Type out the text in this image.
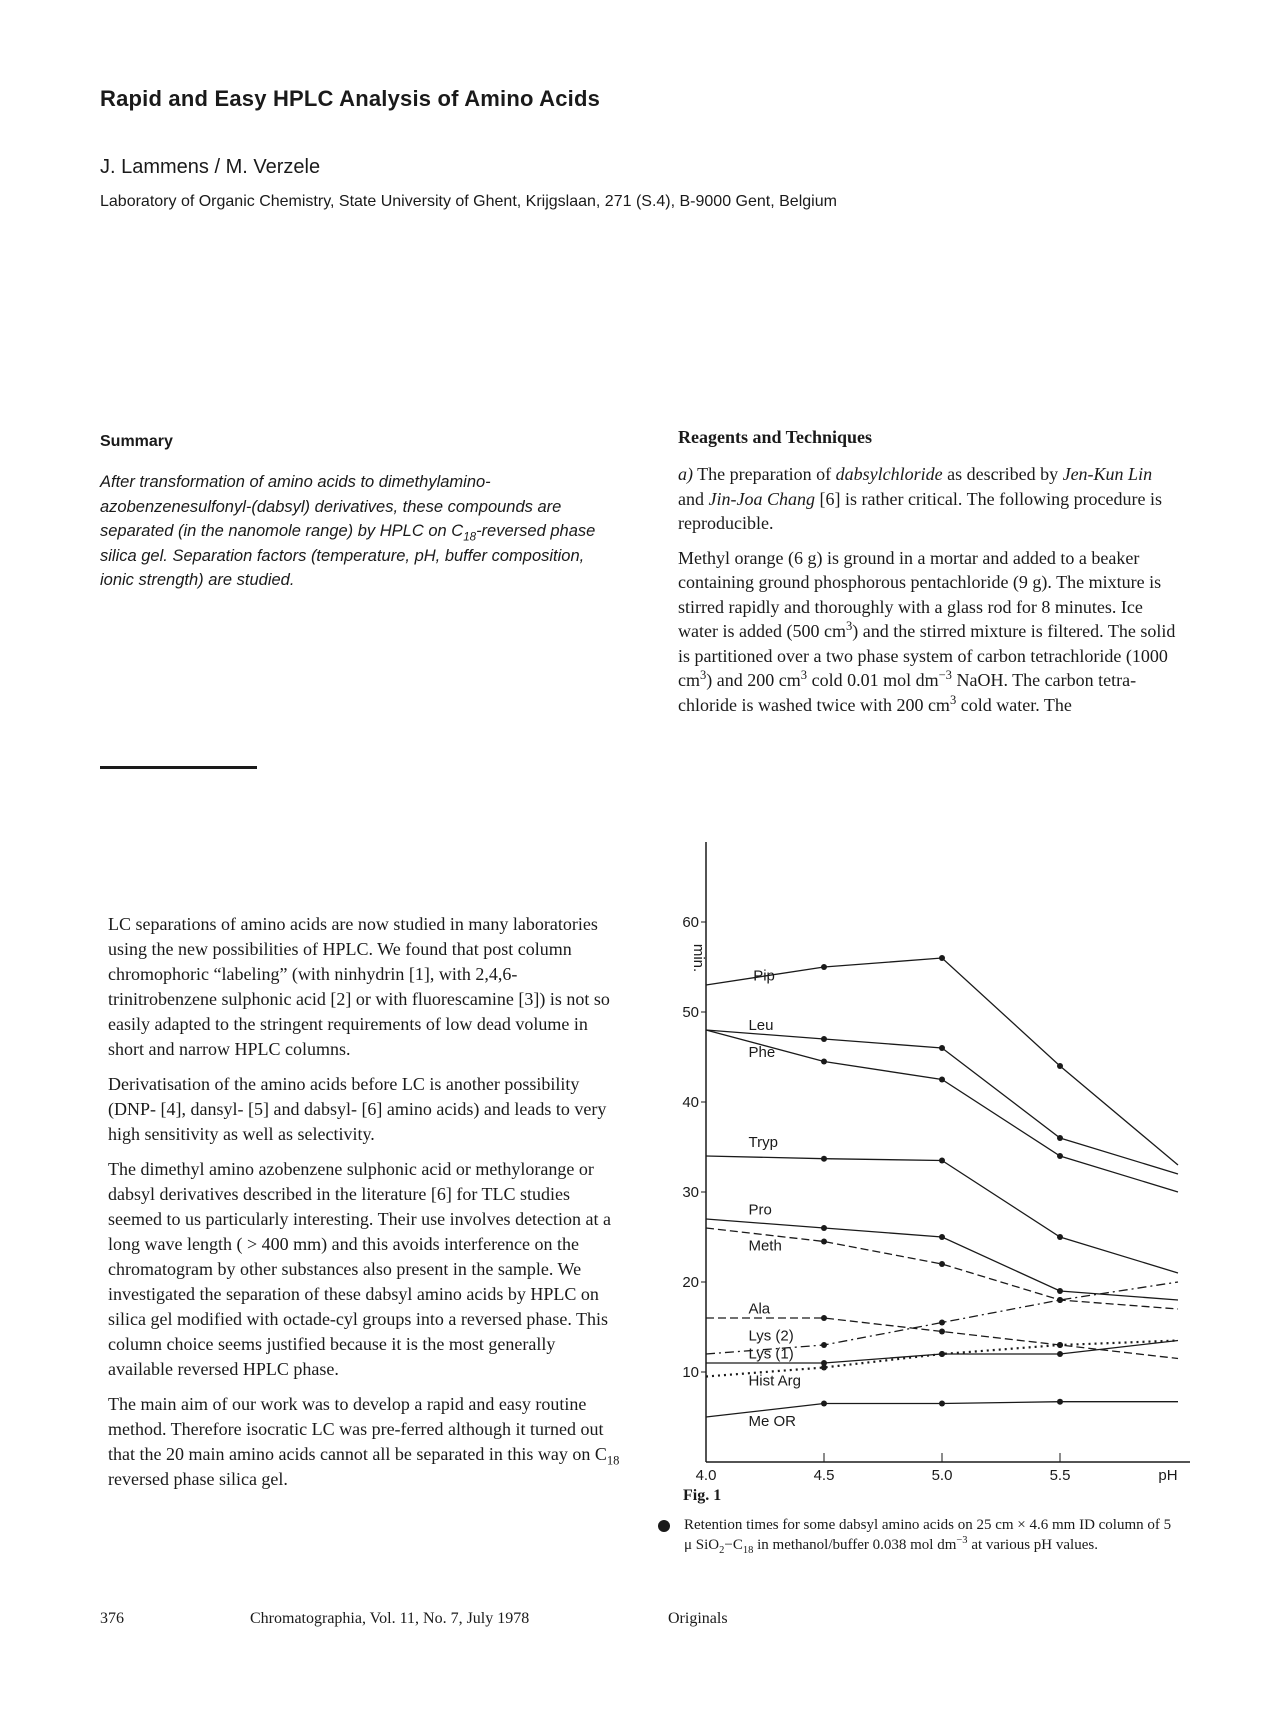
Rapid and Easy HPLC Analysis of Amino Acids
J. Lammens / M. Verzele
Laboratory of Organic Chemistry, State University of Ghent, Krijgslaan, 271 (S.4), B-9000 Gent, Belgium
Summary
After transformation of amino acids to dimethylamino-azobenzenesulfonyl-(dabsyl) derivatives, these compounds are separated (in the nanomole range) by HPLC on $C_{18}$-reversed phase silica gel. Separation factors (temperature, pH, buffer composition, ionic strength) are studied.
Reagents and Techniques

a) The preparation of dabsylchloride as described by Jen-Kun Lin and Jin-Joa Chang [6] is rather critical. The following procedure is reproducible.

Methyl orange (6 g) is ground in a mortar and added to a beaker containing ground phosphorous pentachloride (9 g). The mixture is stirred rapidly and thoroughly with a glass rod for 8 minutes. Ice water is added (500 $cm^3$) and the stirred mixture is filtered. The solid is partitioned over a two phase system of carbon tetrachloride (1000 $cm^3$) and 200 $cm^3$ cold 0.01 mol $dm^{-3}$ NaOH. The carbon tetra-chloride is washed twice with 200 $cm^3$ cold water. The

LC separations of amino acids are now studied in many laboratories using the new possibilities of HPLC. We found that post column chromophoric “labeling” (with ninhydrin [1], with 2,4,6-trinitrobenzene sulphonic acid [2] or with fluorescamine [3]) is not so easily adapted to the stringent requirements of low dead volume in short and narrow HPLC columns.

Derivatisation of the amino acids before LC is another possibility (DNP- [4], dansyl- [5] and dabsyl- [6] amino acids) and leads to very high sensitivity as well as selectivity.

The dimethyl amino azobenzene sulphonic acid or methylorange or dabsyl derivatives described in the literature [6] for TLC studies seemed to us particularly interesting. Their use involves detection at a long wave length ( > 400 mm) and this avoids interference on the chromatogram by other substances also present in the sample. We investigated the separation of these dabsyl amino acids by HPLC on silica gel modified with octade-cyl groups into a reversed phase. This column choice seems justified because it is the most generally available reversed HPLC phase.

The main aim of our work was to develop a rapid and easy routine method. Therefore isocratic LC was pre-ferred although it turned out that the 20 main amino acids cannot all be separated in this way on $C_{18}$ reversed phase silica gel.

10
20
30
40
50
60
4.0	4.5	5.0	5.5	pH
min.
Pip
Leu
Phe
Tryp
Pro
Meth
Ala
Lys (2)
Lys (1)
Hist Arg
Me OR
Fig. 1
Retention times for some dabsyl amino acids on 25 cm × 4.6 mm ID column of 5 μ $SiO_2-C_{18}$ in methanol/buffer 0.038 mol $dm^{-3}$ at various pH values.
376	Chromatographia, Vol. 11, No. 7, July 1978	Originals
